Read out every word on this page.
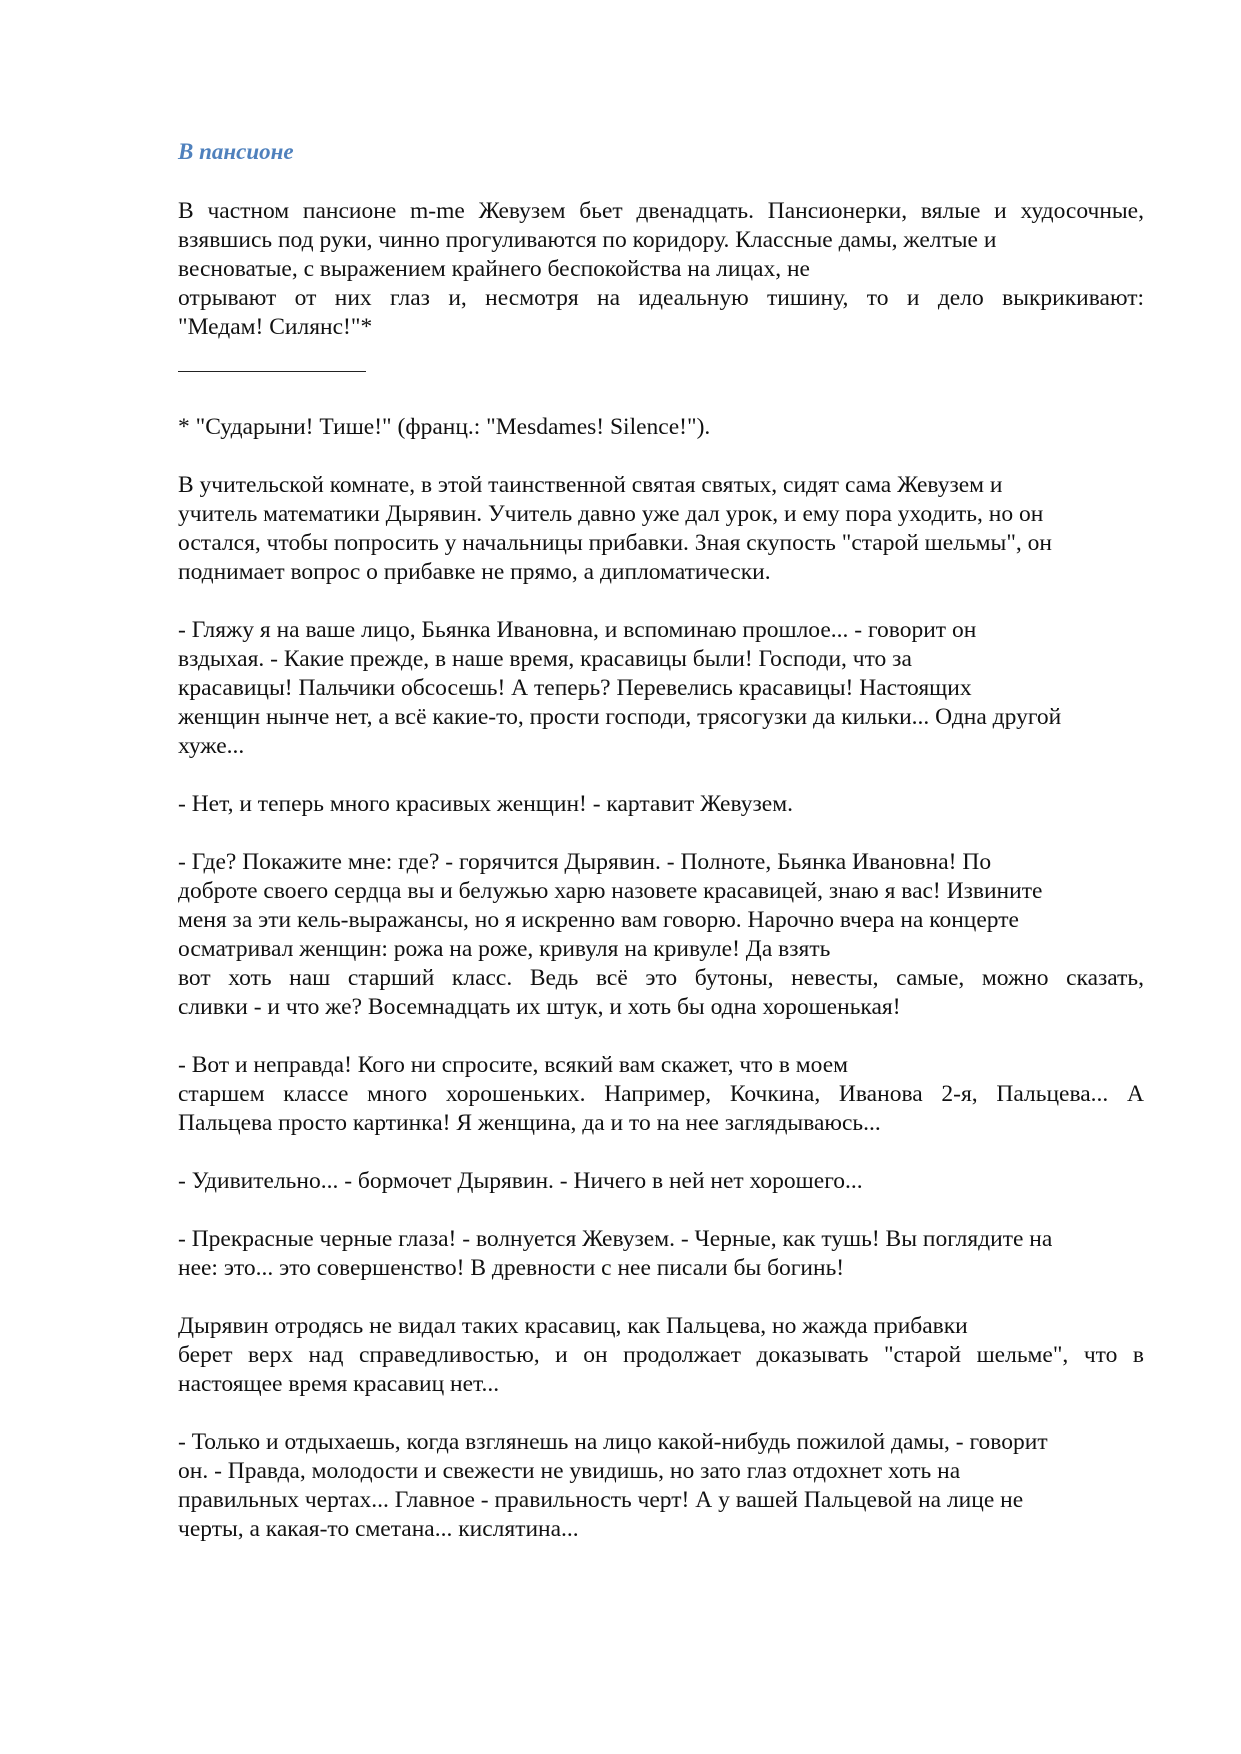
В пансионе
В частном пансионе m-me Жевузем бьет двенадцать. Пансионерки, вялые и худосочные,
взявшись под руки, чинно прогуливаются по коридору. Классные дамы, желтые и
весноватые, с выражением крайнего беспокойства на лицах, не
отрывают от них глаз и, несмотря на идеальную тишину, то и дело выкрикивают:
"Медам! Силянс!"*
* "Сударыни! Тише!" (франц.: "Mesdames! Silence!").
В учительской комнате, в этой таинственной святая святых, сидят сама Жевузем и
учитель математики Дырявин. Учитель давно уже дал урок, и ему пора уходить, но он
остался, чтобы попросить у начальницы прибавки. Зная скупость "старой шельмы", он
поднимает вопрос о прибавке не прямо, а дипломатически.
- Гляжу я на ваше лицо, Бьянка Ивановна, и вспоминаю прошлое... - говорит он
вздыхая. - Какие прежде, в наше время, красавицы были! Господи, что за
красавицы! Пальчики обсосешь! А теперь? Перевелись красавицы! Настоящих
женщин нынче нет, а всё какие-то, прости господи, трясогузки да кильки... Одна другой
хуже...
- Нет, и теперь много красивых женщин! - картавит Жевузем.
- Где? Покажите мне: где? - горячится Дырявин. - Полноте, Бьянка Ивановна! По
доброте своего сердца вы и белужью харю назовете красавицей, знаю я вас! Извините
меня за эти кель-выражансы, но я искренно вам говорю. Нарочно вчера на концерте
осматривал женщин: рожа на роже, кривуля на кривуле! Да взять
вот хоть наш старший класс. Ведь всё это бутоны, невесты, самые, можно сказать,
сливки - и что же? Восемнадцать их штук, и хоть бы одна хорошенькая!
- Вот и неправда! Кого ни спросите, всякий вам скажет, что в моем
старшем классе много хорошеньких. Например, Кочкина, Иванова 2-я, Пальцева... А
Пальцева просто картинка! Я женщина, да и то на нее заглядываюсь...
- Удивительно... - бормочет Дырявин. - Ничего в ней нет хорошего...
- Прекрасные черные глаза! - волнуется Жевузем. - Черные, как тушь! Вы поглядите на
нее: это... это совершенство! В древности с нее писали бы богинь!
Дырявин отродясь не видал таких красавиц, как Пальцева, но жажда прибавки
берет верх над справедливостью, и он продолжает доказывать "старой шельме", что в
настоящее время красавиц нет...
- Только и отдыхаешь, когда взглянешь на лицо какой-нибудь пожилой дамы, - говорит
он. - Правда, молодости и свежести не увидишь, но зато глаз отдохнет хоть на
правильных чертах... Главное - правильность черт! А у вашей Пальцевой на лице не
черты, а какая-то сметана... кислятина...
